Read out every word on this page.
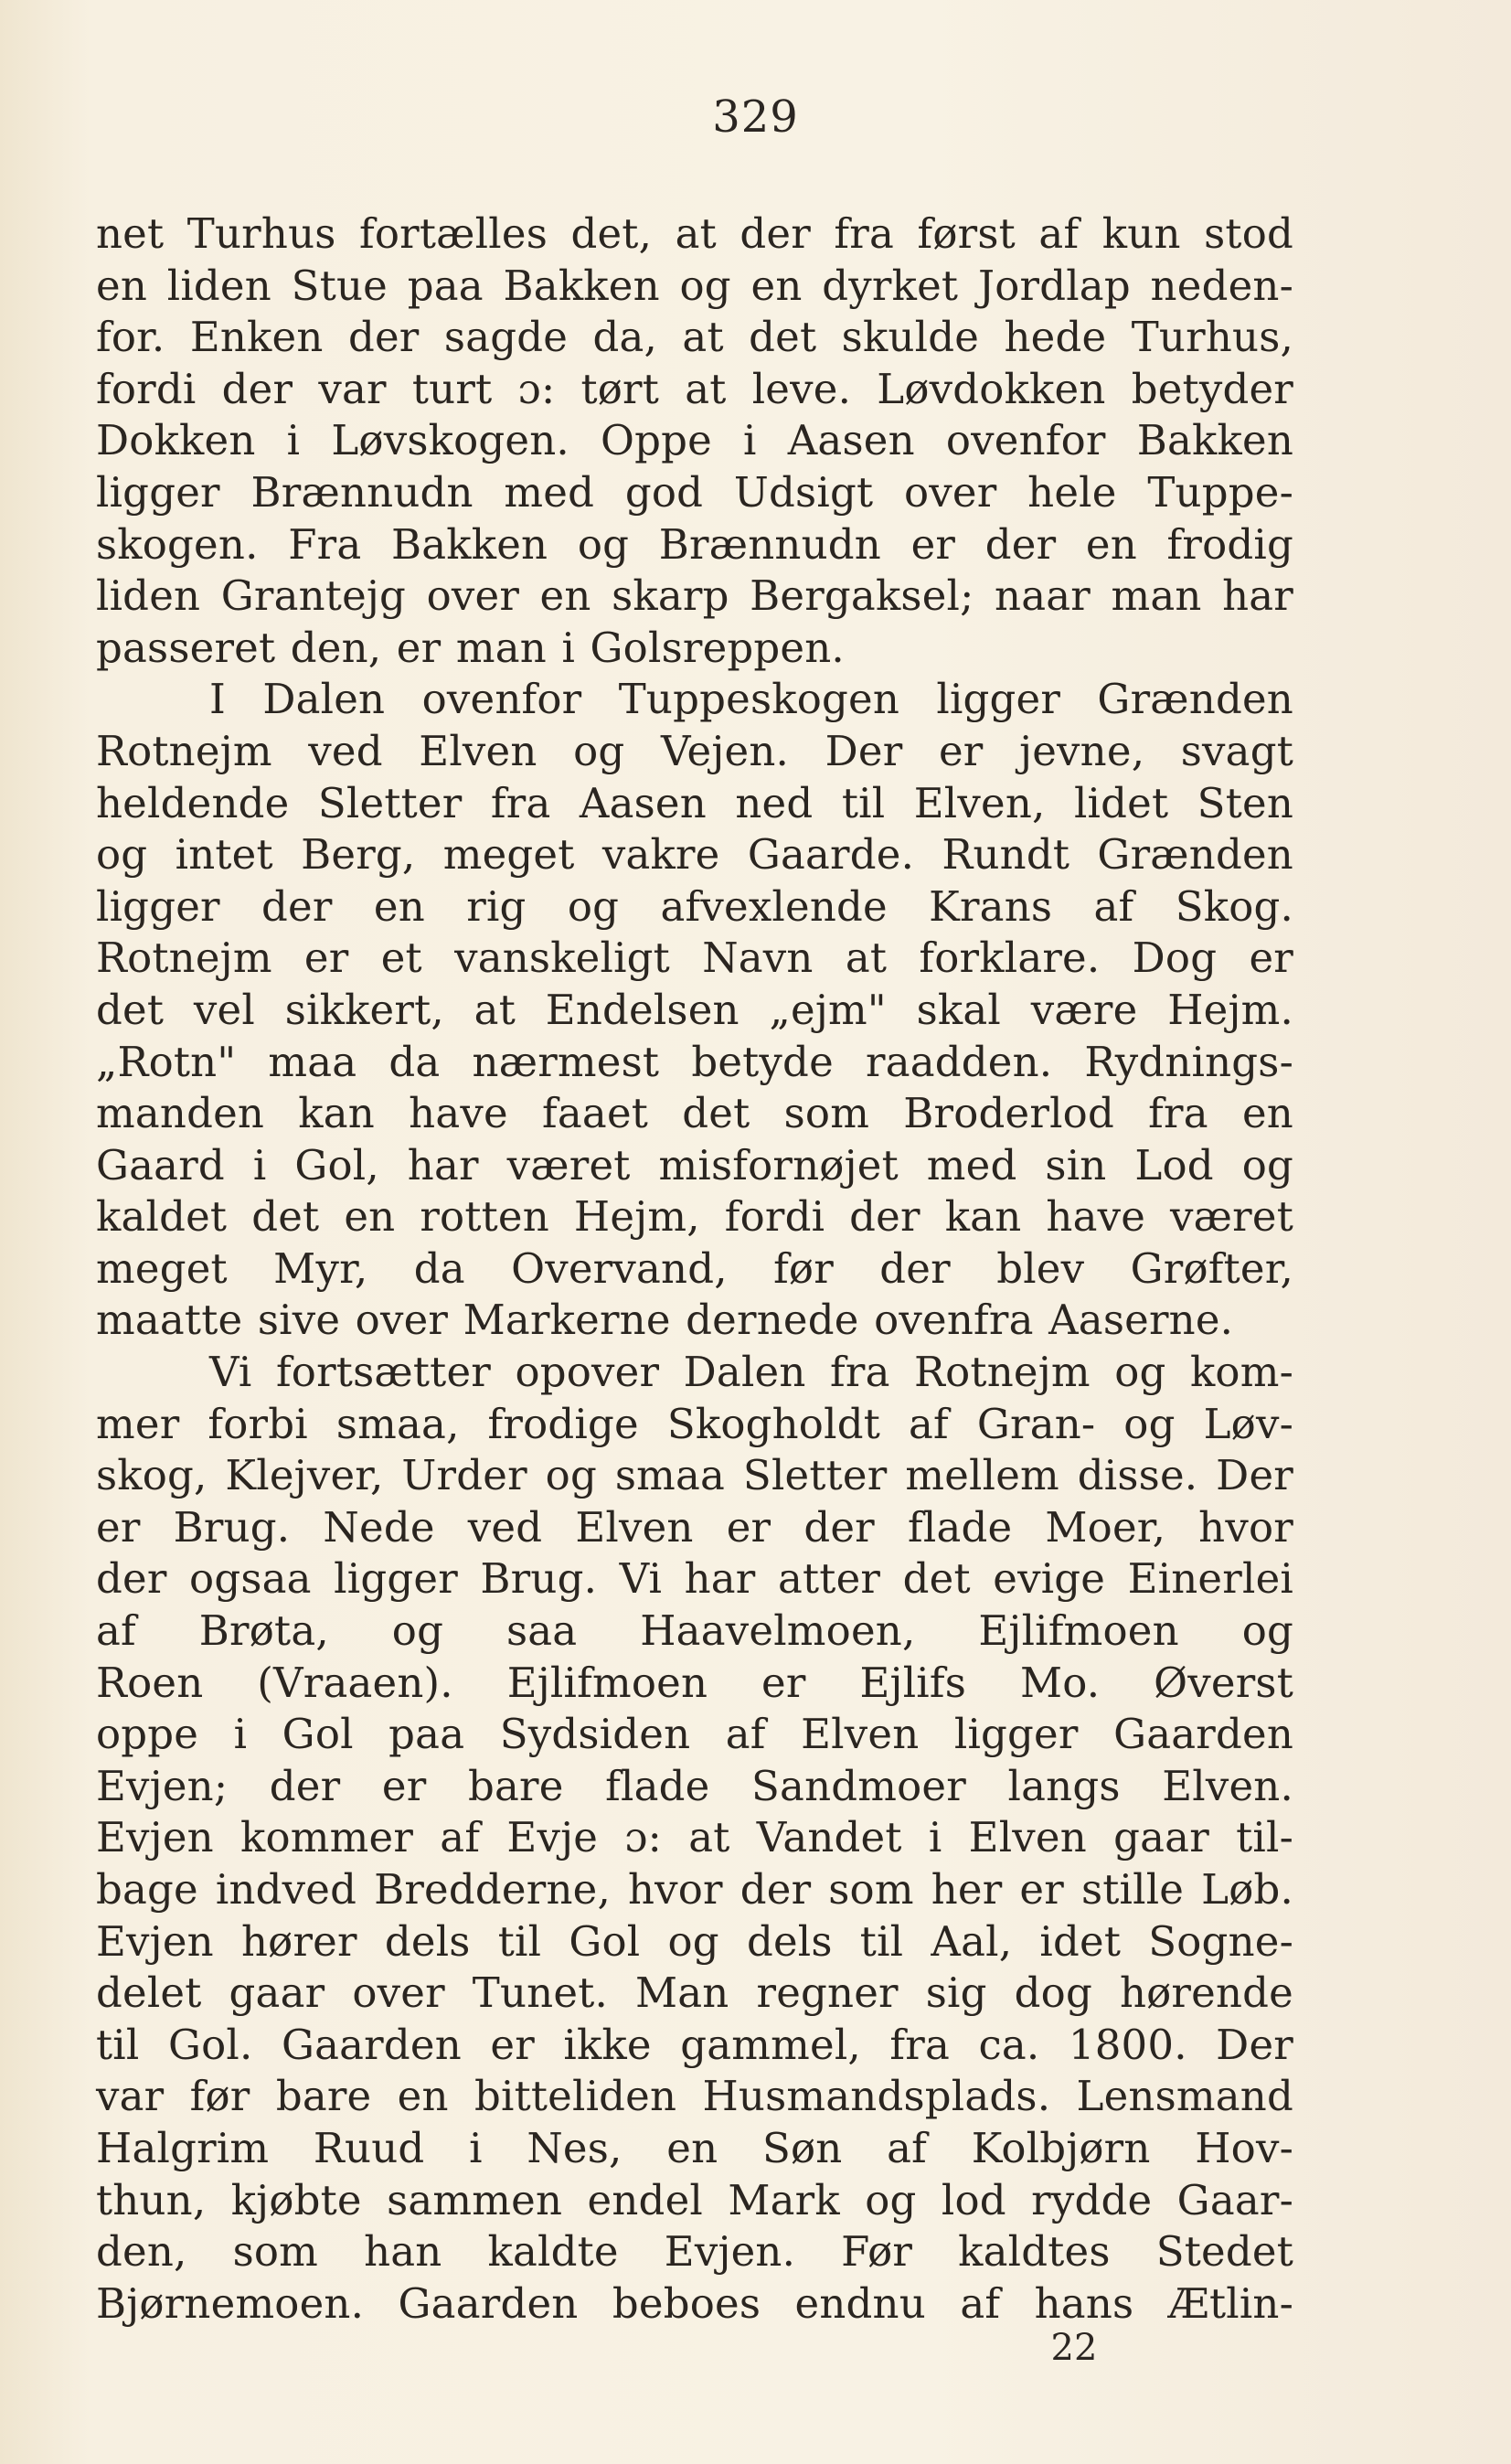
329
net Turhus fortælles det, at der fra først af kun stod
en liden Stue paa Bakken og en dyrket Jordlap neden-
for. Enken der sagde da, at det skulde hede Turhus,
fordi der var turt ɔ: tørt at leve. Løvdokken betyder
Dokken i Løvskogen. Oppe i Aasen ovenfor Bakken
ligger Brænnudn med god Udsigt over hele Tuppe-
skogen. Fra Bakken og Brænnudn er der en frodig
liden Grantejg over en skarp Bergaksel; naar man har
passeret den, er man i Golsreppen.
I Dalen ovenfor Tuppeskogen ligger Grænden
Rotnejm ved Elven og Vejen. Der er jevne, svagt
heldende Sletter fra Aasen ned til Elven, lidet Sten
og intet Berg, meget vakre Gaarde. Rundt Grænden
ligger der en rig og afvexlende Krans af Skog.
Rotnejm er et vanskeligt Navn at forklare. Dog er
det vel sikkert, at Endelsen „ejm" skal være Hejm.
„Rotn" maa da nærmest betyde raadden. Rydnings-
manden kan have faaet det som Broderlod fra en
Gaard i Gol, har været misfornøjet med sin Lod og
kaldet det en rotten Hejm, fordi der kan have været
meget Myr, da Overvand, før der blev Grøfter,
maatte sive over Markerne dernede ovenfra Aaserne.
Vi fortsætter opover Dalen fra Rotnejm og kom-
mer forbi smaa, frodige Skogholdt af Gran- og Løv-
skog, Klejver, Urder og smaa Sletter mellem disse. Der
er Brug. Nede ved Elven er der flade Moer, hvor
der ogsaa ligger Brug. Vi har atter det evige Einerlei
af Brøta, og saa Haavelmoen, Ejlifmoen og
Roen (Vraaen). Ejlifmoen er Ejlifs Mo. Øverst
oppe i Gol paa Sydsiden af Elven ligger Gaarden
Evjen; der er bare flade Sandmoer langs Elven.
Evjen kommer af Evje ɔ: at Vandet i Elven gaar til-
bage indved Bredderne, hvor der som her er stille Løb.
Evjen hører dels til Gol og dels til Aal, idet Sogne-
delet gaar over Tunet. Man regner sig dog hørende
til Gol. Gaarden er ikke gammel, fra ca. 1800. Der
var før bare en bitteliden Husmandsplads. Lensmand
Halgrim Ruud i Nes, en Søn af Kolbjørn Hov-
thun, kjøbte sammen endel Mark og lod rydde Gaar-
den, som han kaldte Evjen. Før kaldtes Stedet
Bjørnemoen. Gaarden beboes endnu af hans Ætlin-
22
